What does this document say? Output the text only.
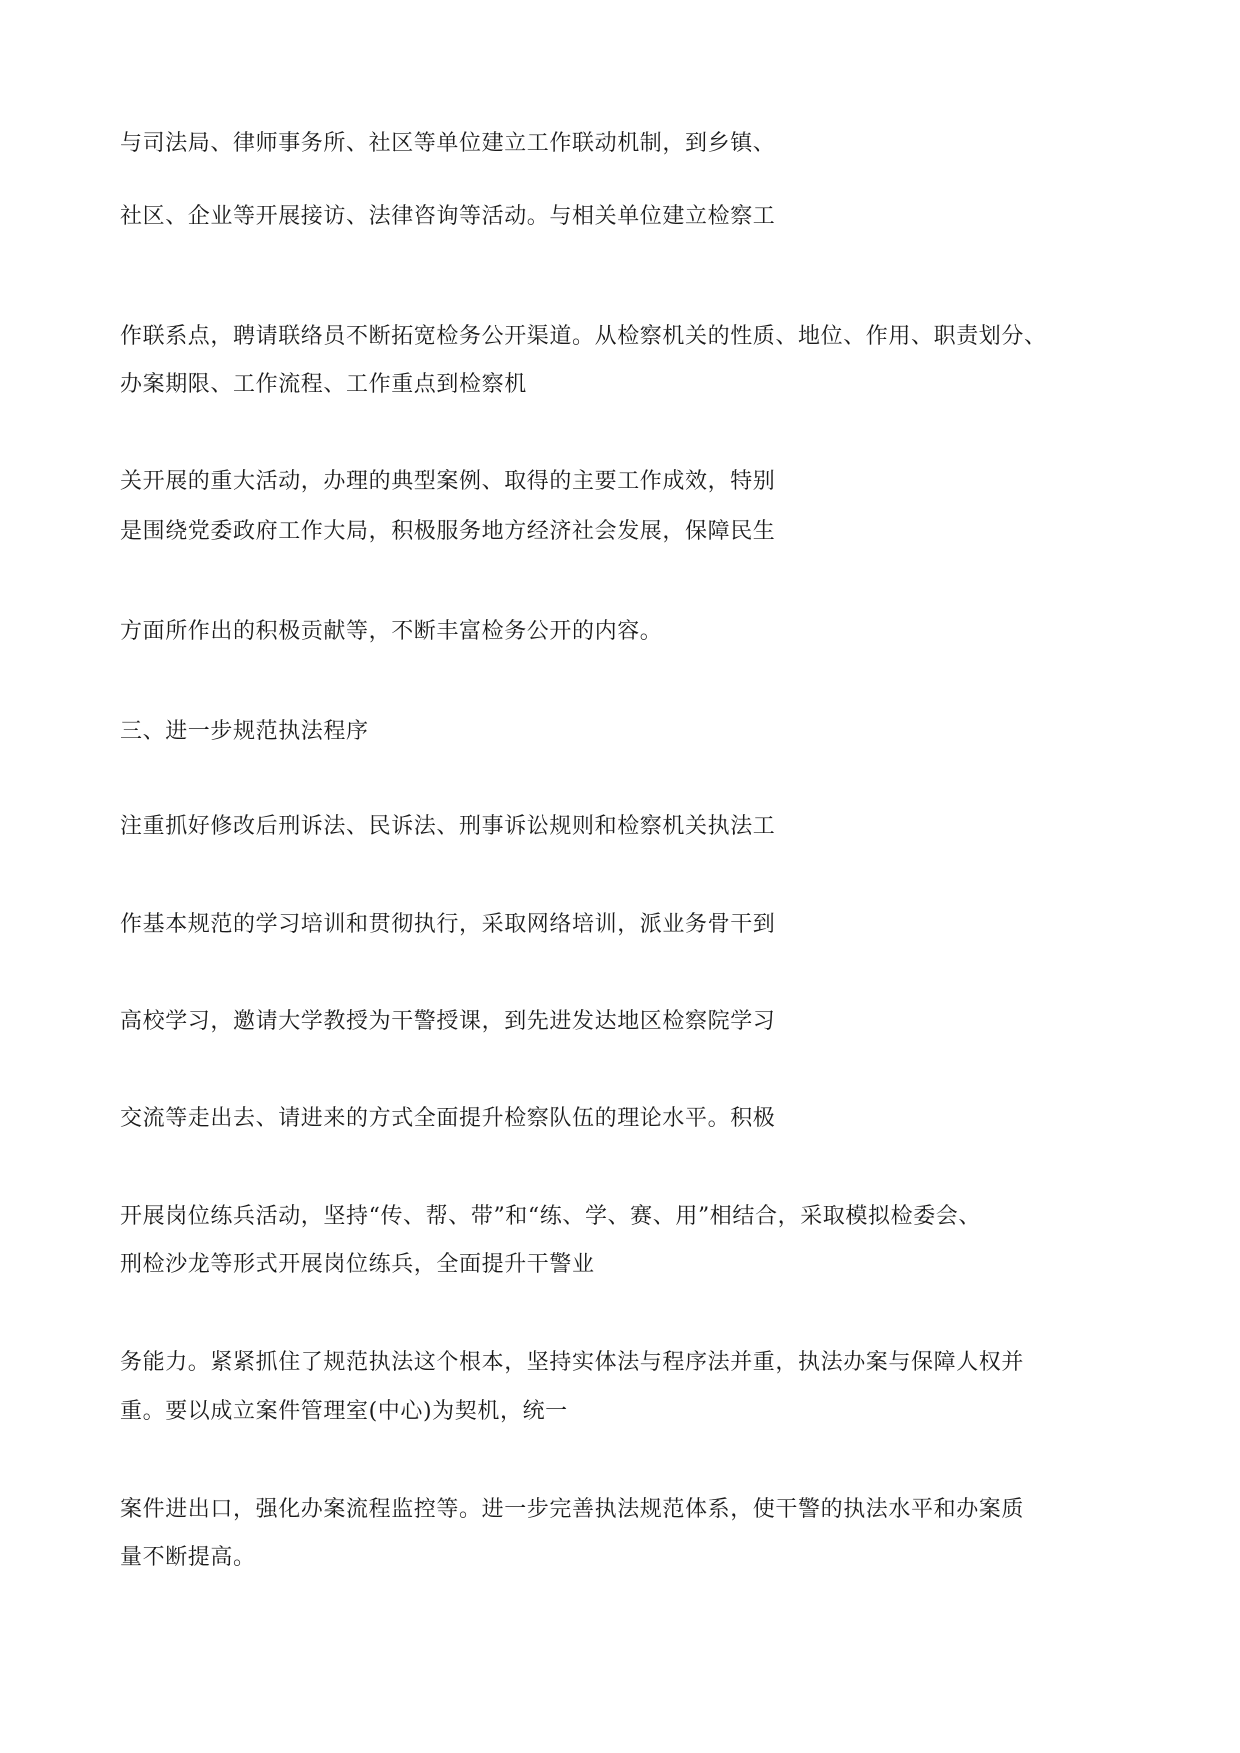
与司法局、律师事务所、社区等单位建立工作联动机制，到乡镇、
社区、企业等开展接访、法律咨询等活动。与相关单位建立检察工
作联系点，聘请联络员不断拓宽检务公开渠道。从检察机关的性质、地位、作用、职责划分、
办案期限、工作流程、工作重点到检察机
关开展的重大活动，办理的典型案例、取得的主要工作成效，特别
是围绕党委政府工作大局，积极服务地方经济社会发展，保障民生
方面所作出的积极贡献等，不断丰富检务公开的内容。
三、进一步规范执法程序
注重抓好修改后刑诉法、民诉法、刑事诉讼规则和检察机关执法工
作基本规范的学习培训和贯彻执行，采取网络培训，派业务骨干到
高校学习，邀请大学教授为干警授课，到先进发达地区检察院学习
交流等走出去、请进来的方式全面提升检察队伍的理论水平。积极
开展岗位练兵活动，坚持“传、帮、带”和“练、学、赛、用”相结合，采取模拟检委会、
刑检沙龙等形式开展岗位练兵，全面提升干警业
务能力。紧紧抓住了规范执法这个根本，坚持实体法与程序法并重，执法办案与保障人权并
重。要以成立案件管理室(中心)为契机，统一
案件进出口，强化办案流程监控等。进一步完善执法规范体系，使干警的执法水平和办案质
量不断提高。
